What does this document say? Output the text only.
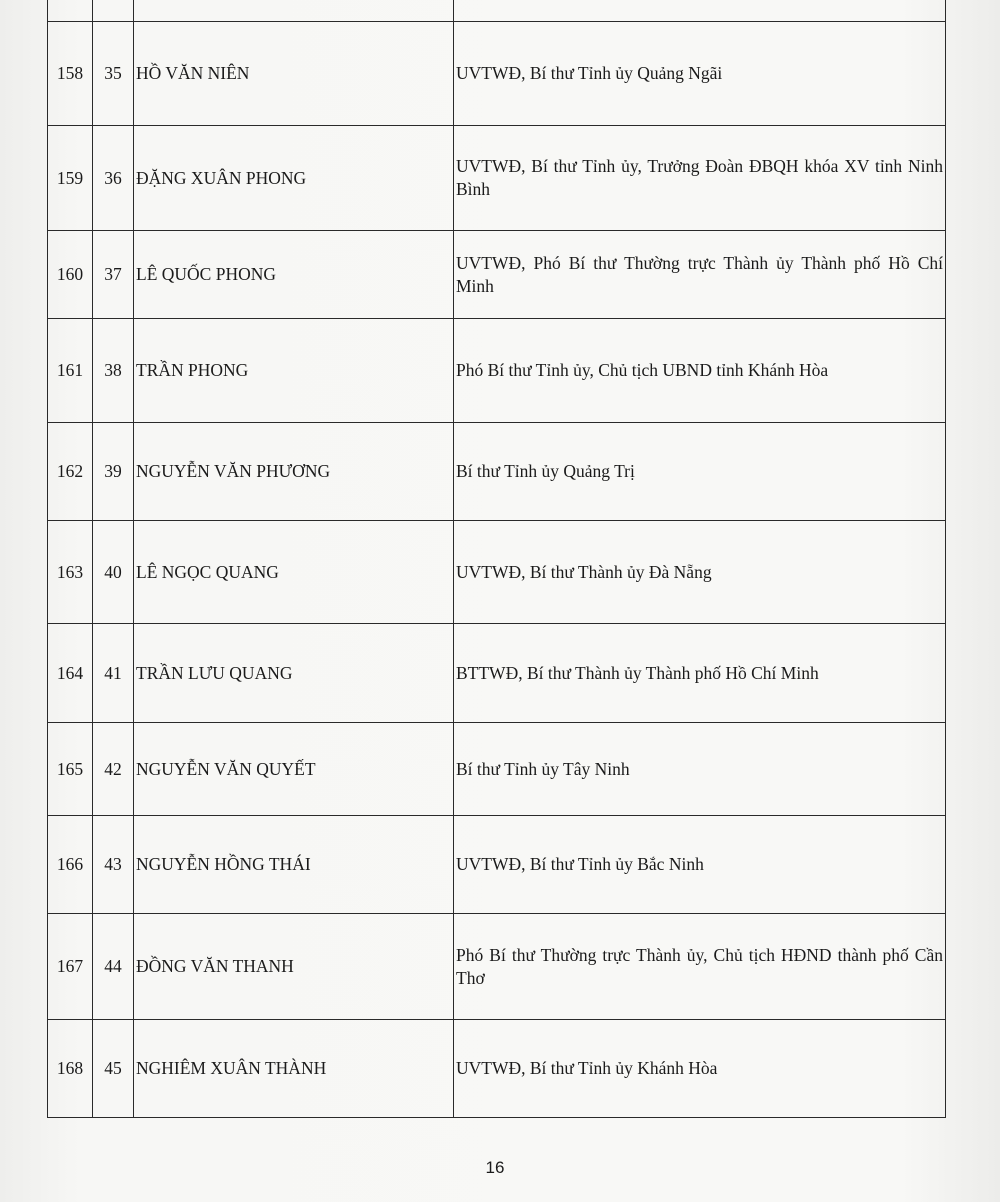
158	35	HỒ VĂN NIÊN	UVTWĐ, Bí thư Tỉnh ủy Quảng Ngãi
159	36	ĐẶNG XUÂN PHONG	UVTWĐ, Bí thư Tỉnh ủy, Trưởng Đoàn ĐBQH khóa XV tỉnh Ninh Bình
160	37	LÊ QUỐC PHONG	UVTWĐ, Phó Bí thư Thường trực Thành ủy Thành phố Hồ Chí Minh
161	38	TRẦN PHONG	Phó Bí thư Tỉnh ủy, Chủ tịch UBND tỉnh Khánh Hòa
162	39	NGUYỄN VĂN PHƯƠNG	Bí thư Tỉnh ủy Quảng Trị
163	40	LÊ NGỌC QUANG	UVTWĐ, Bí thư Thành ủy Đà Nẵng
164	41	TRẦN LƯU QUANG	BTTWĐ, Bí thư Thành ủy Thành phố Hồ Chí Minh
165	42	NGUYỄN VĂN QUYẾT	Bí thư Tỉnh ủy Tây Ninh
166	43	NGUYỄN HỒNG THÁI	UVTWĐ, Bí thư Tỉnh ủy Bắc Ninh
167	44	ĐỒNG VĂN THANH	Phó Bí thư Thường trực Thành ủy, Chủ tịch HĐND thành phố Cần Thơ
168	45	NGHIÊM XUÂN THÀNH	UVTWĐ, Bí thư Tỉnh ủy Khánh Hòa
16
